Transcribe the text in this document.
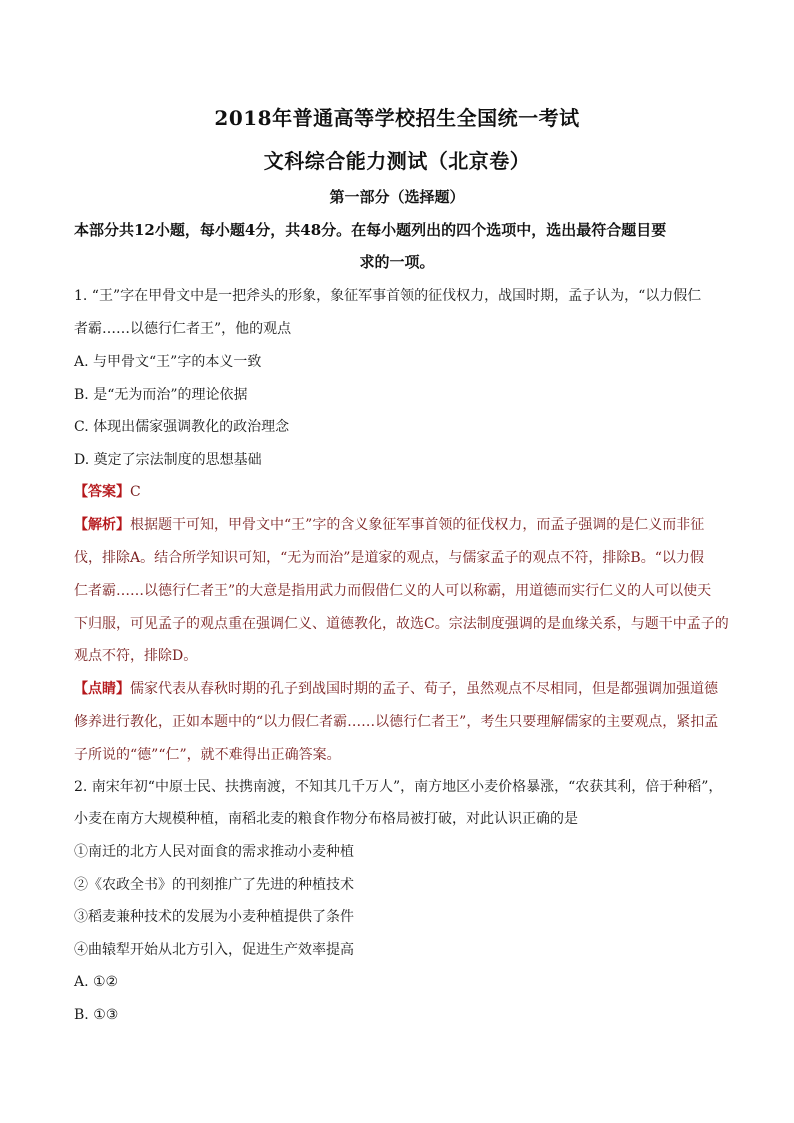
2018年普通高等学校招生全国统一考试
文科综合能力测试（北京卷）
第一部分（选择题）
本部分共12小题，每小题4分，共48分。在每小题列出的四个选项中，选出最符合题目要
求的一项。
1. “王”字在甲骨文中是一把斧头的形象，象征军事首领的征伐权力，战国时期，孟子认为，“以力假仁
者霸……以德行仁者王”，他的观点
A. 与甲骨文“王”字的本义一致
B. 是“无为而治”的理论依据
C. 体现出儒家强调教化的政治理念
D. 奠定了宗法制度的思想基础
【答案】C
【解析】根据题干可知，甲骨文中“王”字的含义象征军事首领的征伐权力，而孟子强调的是仁义而非征
伐，排除A。结合所学知识可知，“无为而治”是道家的观点，与儒家孟子的观点不符，排除B。“以力假
仁者霸……以德行仁者王”的大意是指用武力而假借仁义的人可以称霸，用道德而实行仁义的人可以使天
下归服，可见孟子的观点重在强调仁义、道德教化，故选C。宗法制度强调的是血缘关系，与题干中孟子的
观点不符，排除D。
【点睛】儒家代表从春秋时期的孔子到战国时期的孟子、荀子，虽然观点不尽相同，但是都强调加强道德
修养进行教化，正如本题中的“以力假仁者霸……以德行仁者王”，考生只要理解儒家的主要观点，紧扣孟
子所说的“德”“仁”，就不难得出正确答案。
2. 南宋年初“中原士民、扶携南渡，不知其几千万人”，南方地区小麦价格暴涨，“农获其利，倍于种稻”，
小麦在南方大规模种植，南稻北麦的粮食作物分布格局被打破，对此认识正确的是
①南迁的北方人民对面食的需求推动小麦种植
②《农政全书》的刊刻推广了先进的种植技术
③稻麦兼种技术的发展为小麦种植提供了条件
④曲辕犁开始从北方引入，促进生产效率提高
A. ①②
B. ①③
